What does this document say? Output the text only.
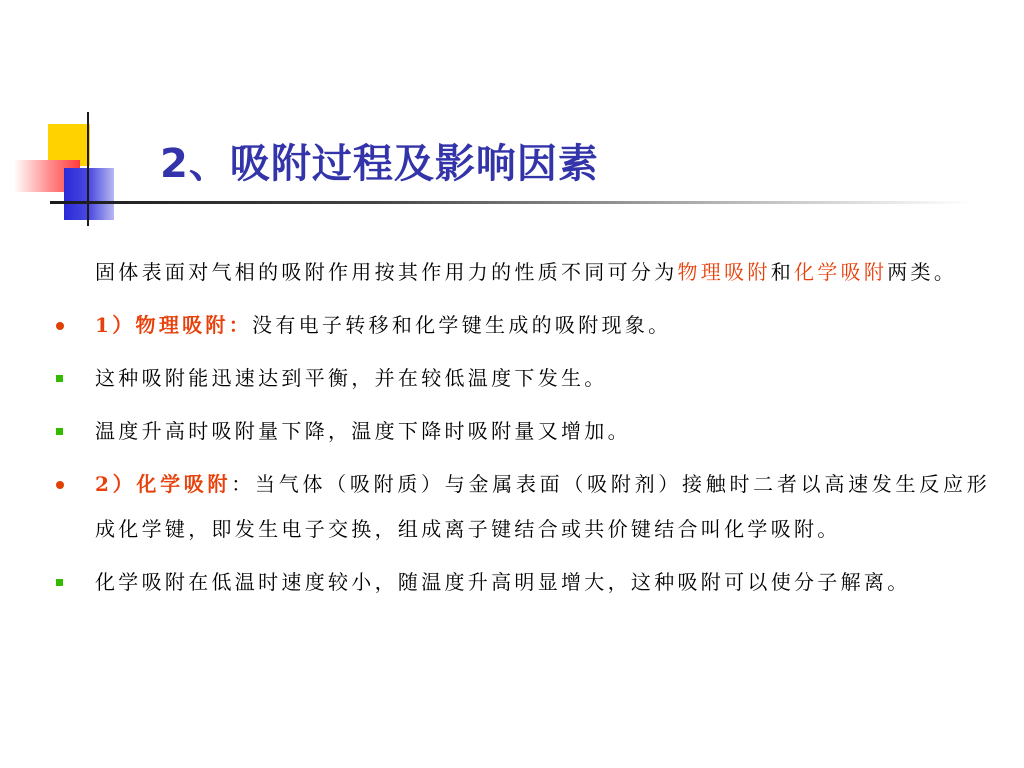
2、吸附过程及影响因素
固体表面对气相的吸附作用按其作用力的性质不同可分为物理吸附和化学吸附两类。
1）物理吸附：没有电子转移和化学键生成的吸附现象。
这种吸附能迅速达到平衡，并在较低温度下发生。
温度升高时吸附量下降，温度下降时吸附量又增加。
2）化学吸附：当气体（吸附质）与金属表面（吸附剂）接触时二者以高速发生反应形成化学键，即发生电子交换，组成离子键结合或共价键结合叫化学吸附。
化学吸附在低温时速度较小，随温度升高明显增大，这种吸附可以使分子解离。
